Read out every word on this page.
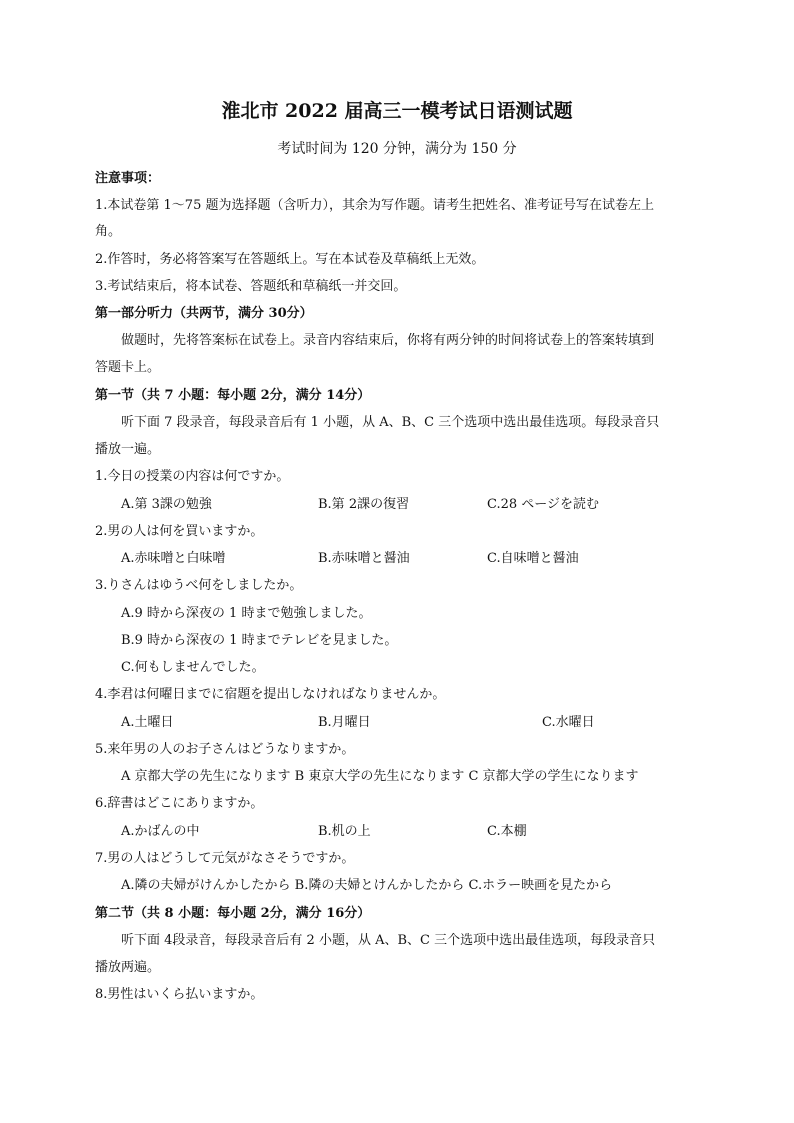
淮北市 2022 届高三一模考试日语测试题
考试时间为 120 分钟，满分为 150 分
注意事项：
1.本试卷第 1～75 题为选择题（含听力），其余为写作题。请考生把姓名、准考证号写在试卷左上
角。
2.作答时，务必将答案写在答题纸上。写在本试卷及草稿纸上无效。
3.考试结束后，将本试卷、答题纸和草稿纸一并交回。
第一部分听力（共两节，满分 30分）
做题时，先将答案标在试卷上。录音内容结束后，你将有两分钟的时间将试卷上的答案转填到
答题卡上。
第一节（共 7 小题：每小题 2分，满分 14分）
听下面 7 段录音，每段录音后有 1 小题，从 A、B、C 三个选项中选出最佳选项。每段录音只
播放一遍。
1.今日の授業の内容は何ですか。
A.第 3課の勉強	B.第 2課の復習	C.28 ページを読む
2.男の人は何を買いますか。
A.赤味噌と白味噌	B.赤味噌と醤油	C.自味噌と醤油
3.りさんはゆうべ何をしましたか。
A.9 時から深夜の 1 時まで勉強しました。
B.9 時から深夜の 1 時までテレビを見ました。
C.何もしませんでした。
4.李君は何曜日までに宿題を提出しなければなりませんか。
A.土曜日	B.月曜日	C.水曜日
5.来年男の人のお子さんはどうなりますか。
A 京都大学の先生になります B 東京大学の先生になります C 京都大学の学生になります
6.辞書はどこにありますか。
A.かばんの中	B.机の上	C.本棚
7.男の人はどうして元気がなさそうですか。
A.隣の夫婦がけんかしたから B.隣の夫婦とけんかしたから C.ホラー映画を見たから
第二节（共 8 小题：每小题 2分，满分 16分）
听下面 4段录音，每段录音后有 2 小题，从 A、B、C 三个选项中选出最佳选项，每段录音只
播放两遍。
8.男性はいくら払いますか。
